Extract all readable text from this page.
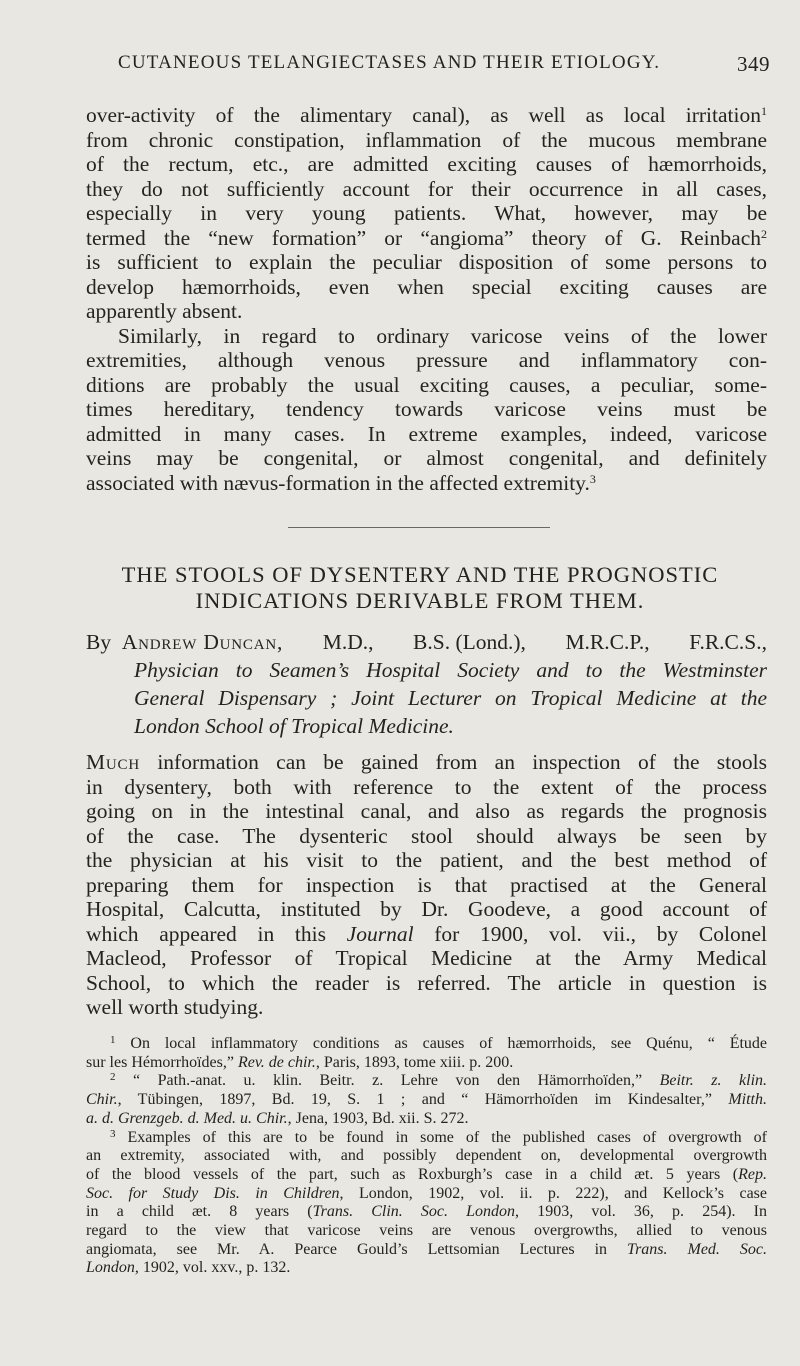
CUTANEOUS TELANGIECTASES AND THEIR ETIOLOGY.	349

over-activity of the alimentary canal), as well as local irritation$^1$
from chronic constipation, inflammation of the mucous membrane
of the rectum, etc., are admitted exciting causes of hæmorrhoids,
they do not sufficiently account for their occurrence in all cases,
especially in very young patients. What, however, may be
termed the “new formation” or “angioma” theory of G. Reinbach$^2$
is sufficient to explain the peculiar disposition of some persons to
develop hæmorrhoids, even when special exciting causes are
apparently absent.

Similarly, in regard to ordinary varicose veins of the lower
extremities, although venous pressure and inflammatory con-
ditions are probably the usual exciting causes, a peculiar, some-
times hereditary, tendency towards varicose veins must be
admitted in many cases. In extreme examples, indeed, varicose
veins may be congenital, or almost congenital, and definitely
associated with nævus-formation in the affected extremity.$^3$

THE STOOLS OF DYSENTERY AND THE PROGNOSTIC
INDICATIONS DERIVABLE FROM THEM.
By Andrew Duncan, M.D., B.S. (Lond.), M.R.C.P., F.R.C.S.,
Physician to Seamen’s Hospital Society and to the Westminster
General Dispensary ; Joint Lecturer on Tropical Medicine at the
London School of Tropical Medicine.

Much information can be gained from an inspection of the stools
in dysentery, both with reference to the extent of the process
going on in the intestinal canal, and also as regards the prognosis
of the case. The dysenteric stool should always be seen by
the physician at his visit to the patient, and the best method of
preparing them for inspection is that practised at the General
Hospital, Calcutta, instituted by Dr. Goodeve, a good account of
which appeared in this Journal for 1900, vol. vii., by Colonel
Macleod, Professor of Tropical Medicine at the Army Medical
School, to which the reader is referred. The article in question is
well worth studying.

$^1$ On local inflammatory conditions as causes of hæmorrhoids, see Quénu, “ Étude
sur les Hémorrhoïdes,” Rev. de chir., Paris, 1893, tome xiii. p. 200.
$^2$ “ Path.-anat. u. klin. Beitr. z. Lehre von den Hämorrhoïden,” Beitr. z. klin.
Chir., Tübingen, 1897, Bd. 19, S. 1 ; and “ Hämorrhoïden im Kindesalter,” Mitth.
a. d. Grenzgeb. d. Med. u. Chir., Jena, 1903, Bd. xii. S. 272.
$^3$ Examples of this are to be found in some of the published cases of overgrowth of
an extremity, associated with, and possibly dependent on, developmental overgrowth
of the blood vessels of the part, such as Roxburgh’s case in a child æt. 5 years (Rep.
Soc. for Study Dis. in Children, London, 1902, vol. ii. p. 222), and Kellock’s case
in a child æt. 8 years (Trans. Clin. Soc. London, 1903, vol. 36, p. 254). In
regard to the view that varicose veins are venous overgrowths, allied to venous
angiomata, see Mr. A. Pearce Gould’s Lettsomian Lectures in Trans. Med. Soc.
London, 1902, vol. xxv., p. 132.
